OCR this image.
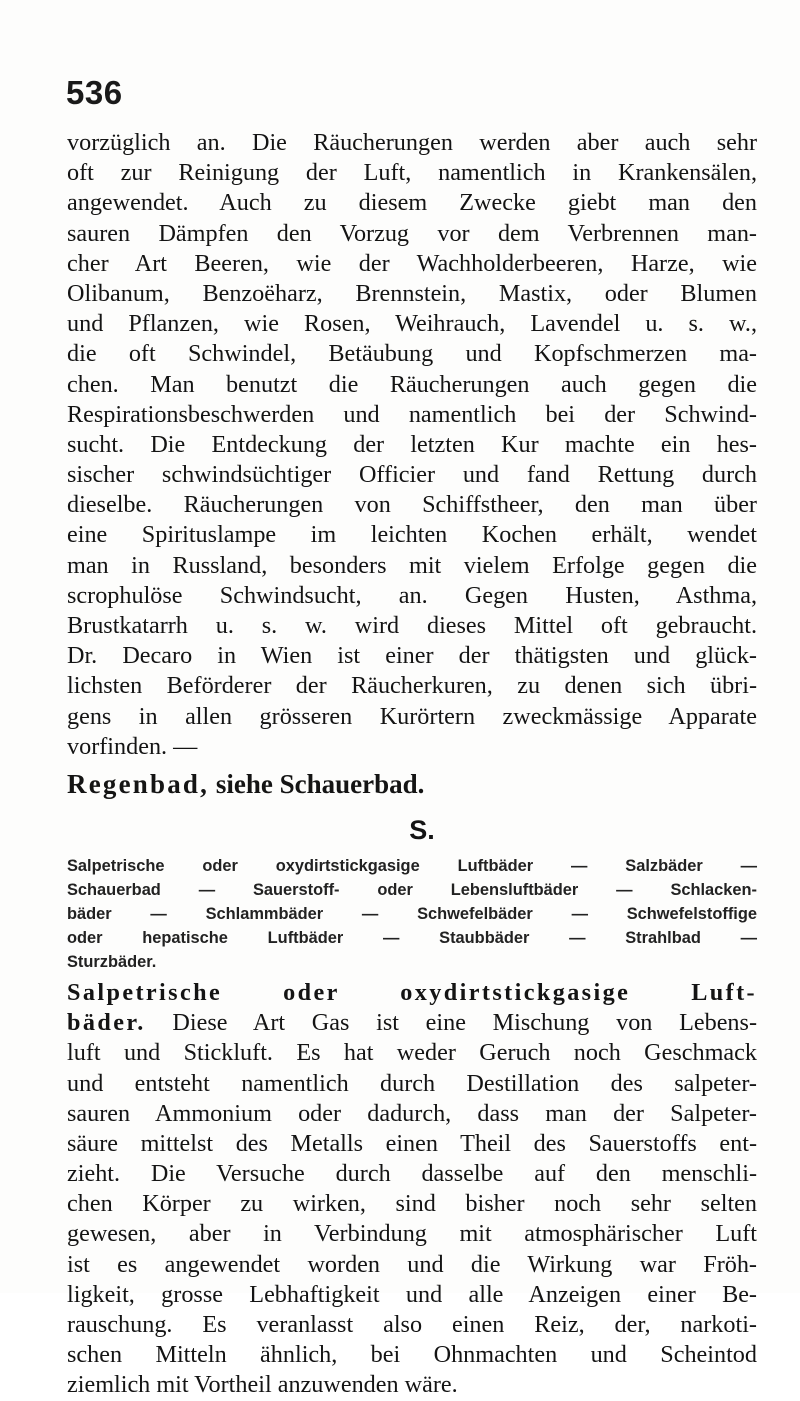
536
vorzüglich an. Die Räucherungen werden aber auch sehr
oft zur Reinigung der Luft, namentlich in Krankensälen,
angewendet. Auch zu diesem Zwecke giebt man den
sauren Dämpfen den Vorzug vor dem Verbrennen man-
cher Art Beeren, wie der Wachholderbeeren, Harze, wie
Olibanum, Benzoëharz, Brennstein, Mastix, oder Blumen
und Pflanzen, wie Rosen, Weihrauch, Lavendel u. s. w.,
die oft Schwindel, Betäubung und Kopfschmerzen ma-
chen. Man benutzt die Räucherungen auch gegen die
Respirationsbeschwerden und namentlich bei der Schwind-
sucht. Die Entdeckung der letzten Kur machte ein hes-
sischer schwindsüchtiger Officier und fand Rettung durch
dieselbe. Räucherungen von Schiffstheer, den man über
eine Spirituslampe im leichten Kochen erhält, wendet
man in Russland, besonders mit vielem Erfolge gegen die
scrophulöse Schwindsucht, an. Gegen Husten, Asthma,
Brustkatarrh u. s. w. wird dieses Mittel oft gebraucht.
Dr. Decaro in Wien ist einer der thätigsten und glück-
lichsten Beförderer der Räucherkuren, zu denen sich übri-
gens in allen grösseren Kurörtern zweckmässige Apparate
vorfinden. —
Regenbad, siehe Schauerbad.
S.
Salpetrische oder oxydirtstickgasige Luftbäder — Salzbäder —
Schauerbad — Sauerstoff- oder Lebensluftbäder — Schlacken-
bäder — Schlammbäder — Schwefelbäder — Schwefelstoffige
oder hepatische Luftbäder — Staubbäder — Strahlbad —
Sturzbäder.
Salpetrische oder oxydirtstickgasige Luft-
bäder. Diese Art Gas ist eine Mischung von Lebens-
luft und Stickluft. Es hat weder Geruch noch Geschmack
und entsteht namentlich durch Destillation des salpeter-
sauren Ammonium oder dadurch, dass man der Salpeter-
säure mittelst des Metalls einen Theil des Sauerstoffs ent-
zieht. Die Versuche durch dasselbe auf den menschli-
chen Körper zu wirken, sind bisher noch sehr selten
gewesen, aber in Verbindung mit atmosphärischer Luft
ist es angewendet worden und die Wirkung war Fröh-
ligkeit, grosse Lebhaftigkeit und alle Anzeigen einer Be-
rauschung. Es veranlasst also einen Reiz, der, narkoti-
schen Mitteln ähnlich, bei Ohnmachten und Scheintod
ziemlich mit Vortheil anzuwenden wäre.
